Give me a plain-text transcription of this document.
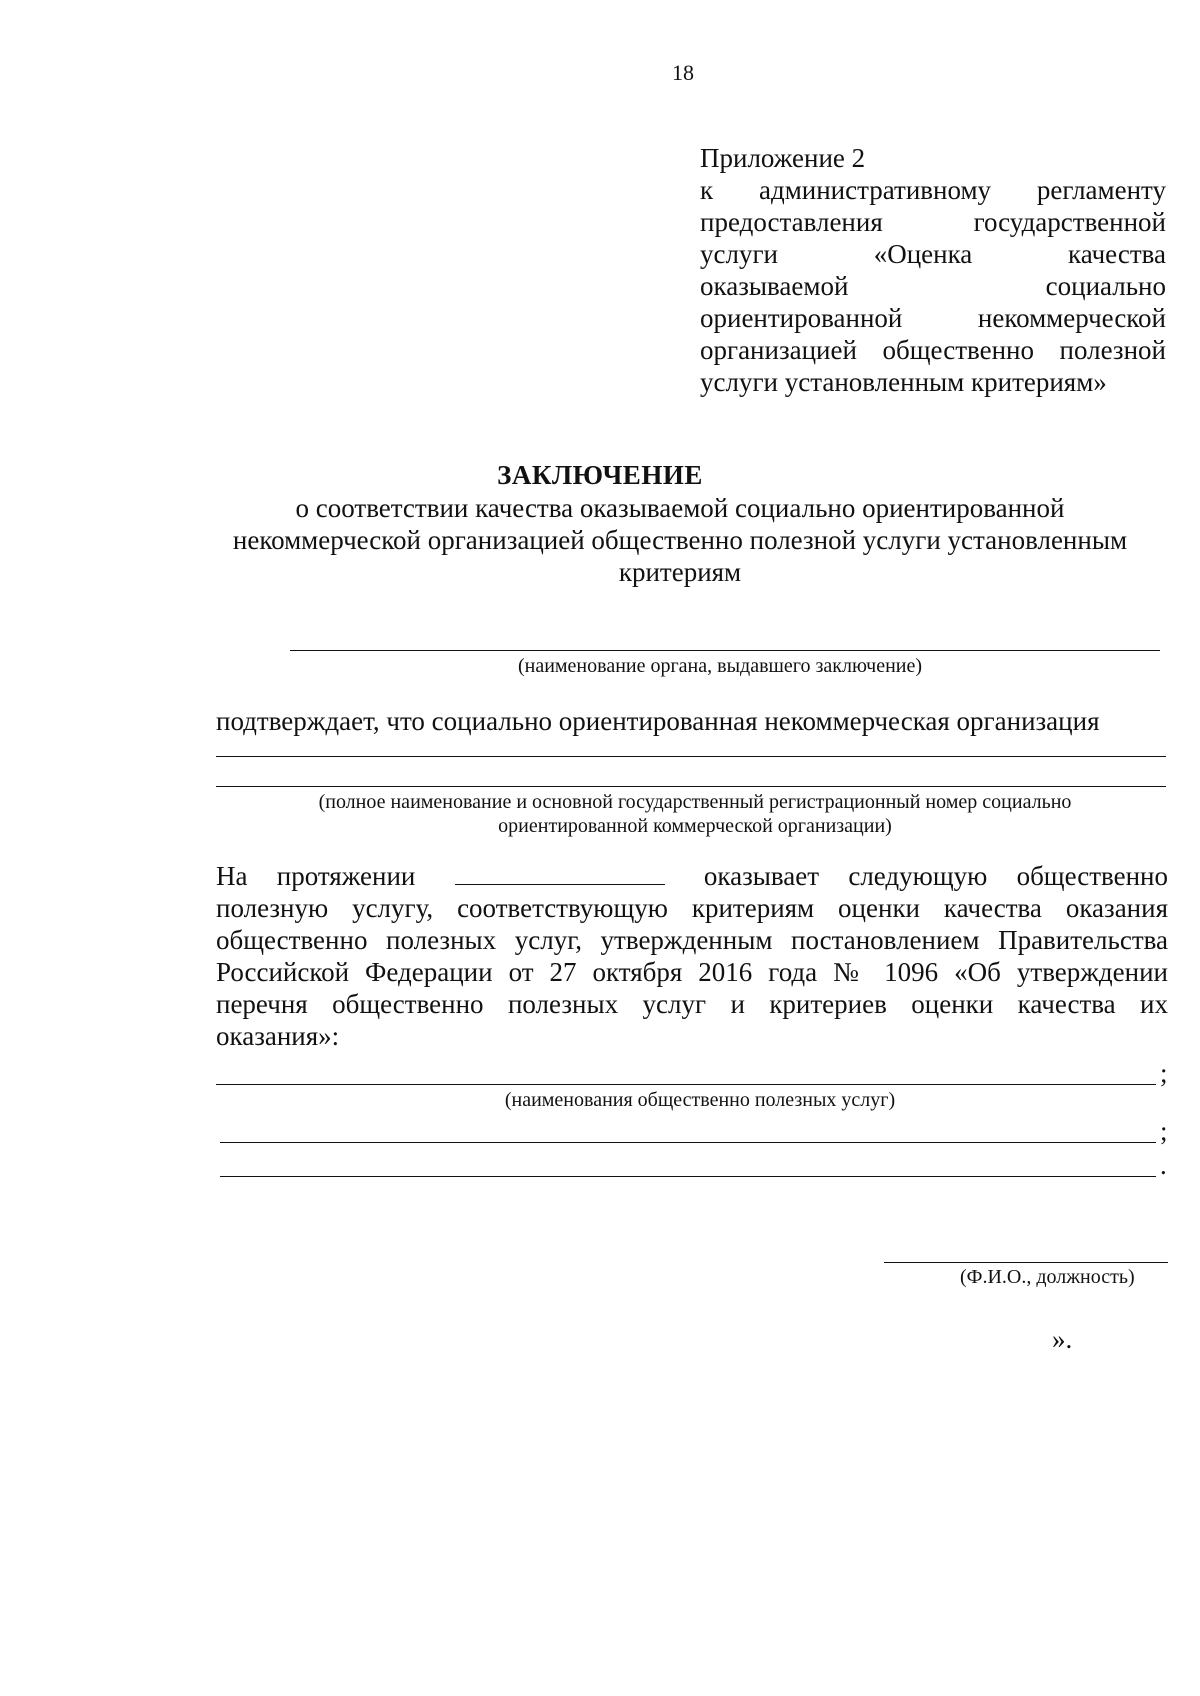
18
Приложение 2
к административному регламенту
предоставления государственной
услуги «Оценка качества
оказываемой социально
ориентированной некоммерческой
организацией общественно полезной
услуги установленным критериям»
ЗАКЛЮЧЕНИЕ
о соответствии качества оказываемой социально ориентированной
некоммерческой организацией общественно полезной услуги установленным
критериям
(наименование органа, выдавшего заключение)
подтверждает, что социально ориентированная некоммерческая организация
(полное наименование и основной государственный регистрационный номер социально
ориентированной коммерческой организации)
На протяжении	оказывает следующую общественно
полезную услугу, соответствующую критериям оценки качества оказания
общественно полезных услуг, утвержденным постановлением Правительства
Российской Федерации от 27 октября 2016 года № 1096 «Об утверждении
перечня общественно полезных услуг и критериев оценки качества их
оказания»:
;
(наименования общественно полезных услуг)
;
.
(Ф.И.О., должность)
».
